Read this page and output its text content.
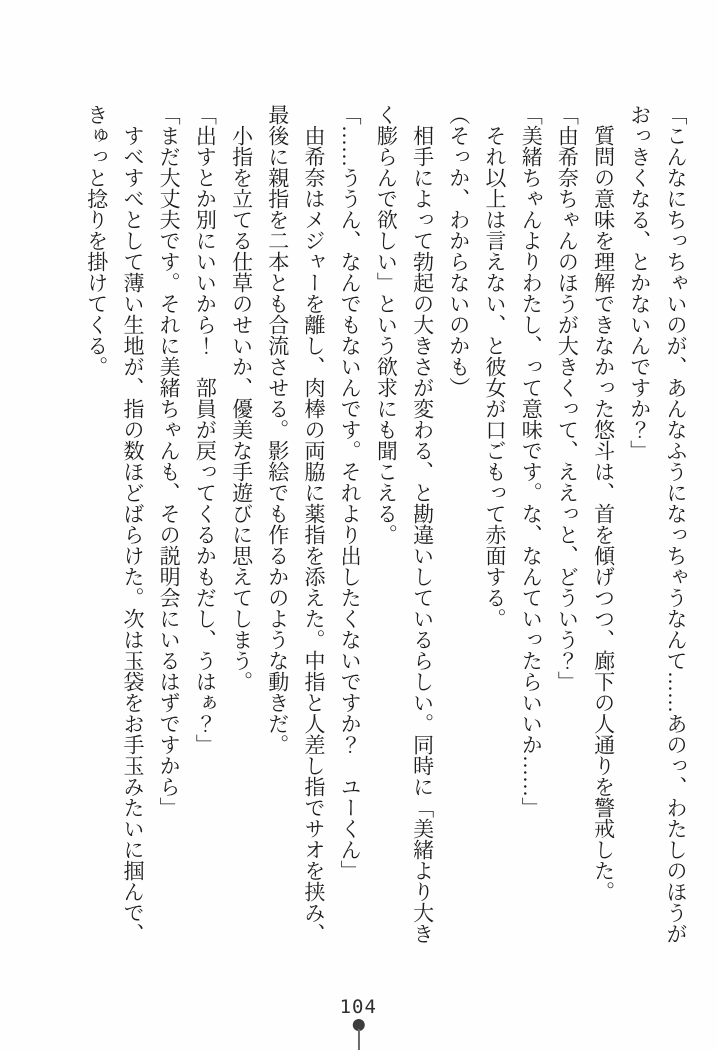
「こんなにちっちゃいのが、あんなふうになっちゃうなんて……あのっ、わたしのほうが

おっきくなる、とかないんですか？」

質問の意味を理解できなかった悠斗は、首を傾げつつ、廊下の人通りを警戒した。

「由希奈ちゃんのほうが大きくって、ええっと、どういう？」

「美緒ちゃんよりわたし、って意味です。な、なんていったらいいか……」

それ以上は言えない、と彼女が口ごもって赤面する。

（そっか、わからないのかも）

相手によって勃起の大きさが変わる、と勘違いしているらしい。同時に「美緒より大き

く膨らんで欲しい」という欲求にも聞こえる。

「……ううん、なんでもないんです。それより出したくないですか？　ユーくん」

由希奈はメジャーを離し、肉棒の両脇に薬指を添えた。中指と人差し指でサオを挟み、

最後に親指を二本とも合流させる。影絵でも作るかのような動きだ。

小指を立てる仕草のせいか、優美な手遊びに思えてしまう。

「出すとか別にいいから！　部員が戻ってくるかもだし、うはぁ？」

「まだ大丈夫です。それに美緒ちゃんも、その説明会にいるはずですから」

すべすべとして薄い生地が、指の数ほどばらけた。次は玉袋をお手玉みたいに掴んで、

きゅっと捻りを掛けてくる。

104
